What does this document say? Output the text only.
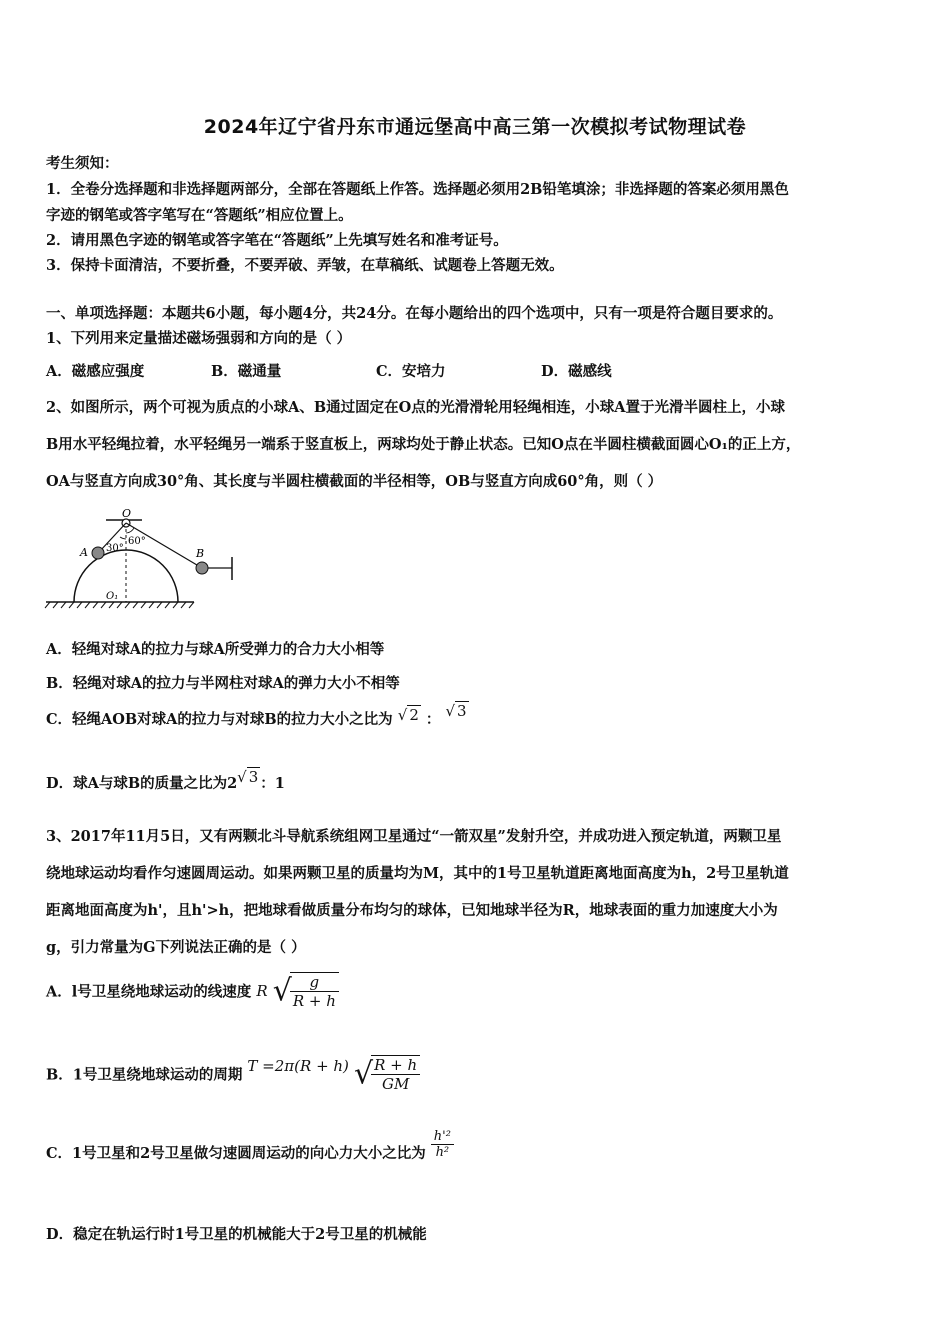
2024年辽宁省丹东市通远堡高中高三第一次模拟考试物理试卷
考生须知：
1．全卷分选择题和非选择题两部分，全部在答题纸上作答。选择题必须用2B铅笔填涂；非选择题的答案必须用黑色
字迹的钢笔或答字笔写在“答题纸”相应位置上。
2．请用黑色字迹的钢笔或答字笔在“答题纸”上先填写姓名和准考证号。
3．保持卡面清洁，不要折叠，不要弄破、弄皱，在草稿纸、试题卷上答题无效。
一、单项选择题：本题共6小题，每小题4分，共24分。在每小题给出的四个选项中，只有一项是符合题目要求的。
1、下列用来定量描述磁场强弱和方向的是（ ）
A．磁感应强度	B．磁通量	C．安培力	D．磁感线
2、如图所示，两个可视为质点的小球A、B通过固定在O点的光滑滑轮用轻绳相连，小球A置于光滑半圆柱上，小球
B用水平轻绳拉着，水平轻绳另一端系于竖直板上，两球均处于静止状态。已知O点在半圆柱横截面圆心O₁的正上方，
OA与竖直方向成30°角、其长度与半圆柱横截面的半径相等，OB与竖直方向成60°角，则（ ）
O
A	B
O₁
30°
60°
A．轻绳对球A的拉力与球A所受弹力的合力大小相等
B．轻绳对球A的拉力与半网柱对球A的弹力大小不相等
C．轻绳AOB对球A的拉力与对球B的拉力大小之比为 √ 2 ： √ 3
D．球A与球B的质量之比为2√ 3 ：1
3、2017年11月5日，又有两颗北斗导航系统组网卫星通过“一箭双星”发射升空，并成功进入预定轨道，两颗卫星
绕地球运动均看作匀速圆周运动。如果两颗卫星的质量均为M，其中的1号卫星轨道距离地面高度为h，2号卫星轨道
距离地面高度为h'，且h'>h，把地球看做质量分布均匀的球体，已知地球半径为R，地球表面的重力加速度大小为
g，引力常量为G下列说法正确的是（ ）
A．l号卫星绕地球运动的线速度 R √
$\frac{g}{R + h}$
B．1号卫星绕地球运动的周期 T =2π(R + h) √
$\frac{R + h}{GM}$
C．1号卫星和2号卫星做匀速圆周运动的向心力大小之比为 $\frac{\text{h'²}}{\text{h²}}$
D．稳定在轨运行时1号卫星的机械能大于2号卫星的机械能
